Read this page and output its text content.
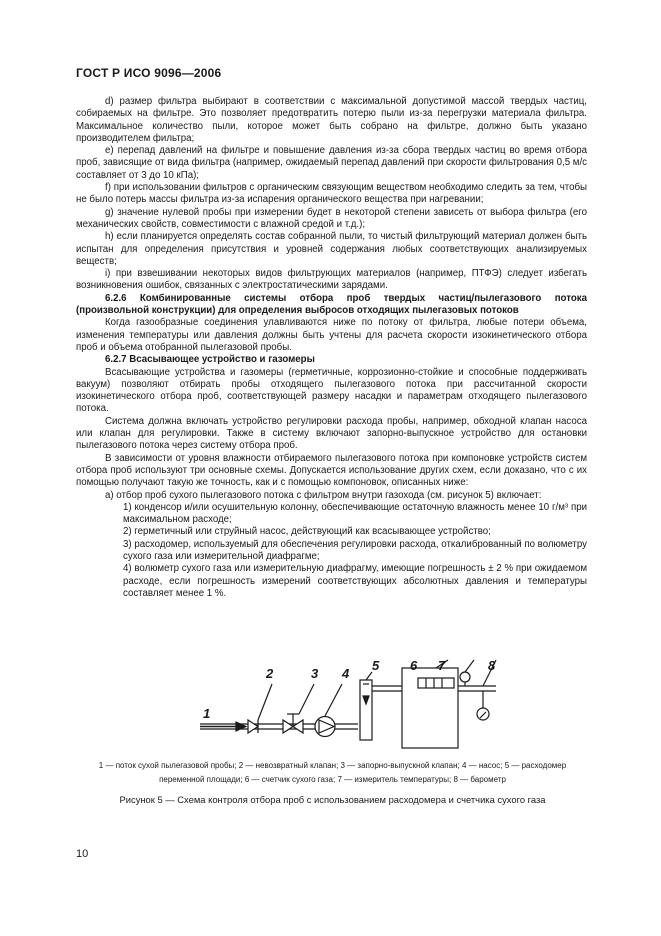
ГОСТ Р ИСО 9096—2006

d) размер фильтра выбирают в соответствии с максимальной допустимой массой твердых частиц, собираемых на фильтре. Это позволяет предотвратить потерю пыли из-за перегрузки материала фильтра. Максимальное количество пыли, которое может быть собрано на фильтре, должно быть указано производителем фильтра;

е) перепад давлений на фильтре и повышение давления из-за сбора твердых частиц во время отбора проб, зависящие от вида фильтра (например, ожидаемый перепад давлений при скорости фильтрования 0,5 м/с составляет от 3 до 10 кПа);

f) при использовании фильтров с органическим связующим веществом необходимо следить за тем, чтобы не было потерь массы фильтра из-за испарения органического вещества при нагревании;

g) значение нулевой пробы при измерении будет в некоторой степени зависеть от выбора фильтра (его механических свойств, совместимости с влажной средой и т.д.);

h) если планируется определять состав собранной пыли, то чистый фильтрующий материал должен быть испытан для определения присутствия и уровней содержания любых соответствующих анализируемых веществ;

i) при взвешивании некоторых видов фильтрующих материалов (например, ПТФЭ) следует избегать возникновения ошибок, связанных с электростатическими зарядами.

6.2.6 Комбинированные системы отбора проб твердых частиц/пылегазового потока (произвольной конструкции) для определения выбросов отходящих пылегазовых потоков

Когда газообразные соединения улавливаются ниже по потоку от фильтра, любые потери объема, изменения температуры или давления должны быть учтены для расчета скорости изокинетического отбора проб и объема отобранной пылегазовой пробы.

6.2.7 Всасывающее устройство и газомеры

Всасывающие устройства и газомеры (герметичные, коррозионно-стойкие и способные поддерживать вакуум) позволяют отбирать пробы отходящего пылегазового потока при рассчитанной скорости изокинетического отбора проб, соответствующей размеру насадки и параметрам отходящего пылегазового потока.

Система должна включать устройство регулировки расхода пробы, например, обходной клапан насоса или клапан для регулировки. Также в систему включают запорно-выпускное устройство для остановки пылегазового потока через систему отбора проб.

В зависимости от уровня влажности отбираемого пылегазового потока при компоновке устройств систем отбора проб используют три основные схемы. Допускается использование других схем, если доказано, что с их помощью получают такую же точность, как и с помощью компоновок, описанных ниже:

а) отбор проб сухого пылегазового потока с фильтром внутри газохода (см. рисунок 5) включает:

1) конденсор и/или осушительную колонну, обеспечивающие остаточную влажность менее 10 г/м³ при максимальном расходе;

2) герметичный или струйный насос, действующий как всасывающее устройство;

3) расходомер, используемый для обеспечения регулировки расхода, откалиброванный по волюметру сухого газа или измерительной диафрагме;

4) волюметр сухого газа или измерительную диафрагму, имеющие погрешность ± 2 % при ожидаемом расходе, если погрешность измерений соответствующих абсолютных давления и температуры составляет менее 1 %.

1
2	3 4
5 6 7	8
1 — поток сухой пылегазовой пробы; 2 — невозвратный клапан; 3 — запорно-выпускной клапан; 4 — насос; 5 — расходомер
переменной площади; 6 — счетчик сухого газа; 7 — измеритель температуры; 8 — барометр
Рисунок 5 — Схема контроля отбора проб с использованием расходомера и счетчика сухого газа
10
